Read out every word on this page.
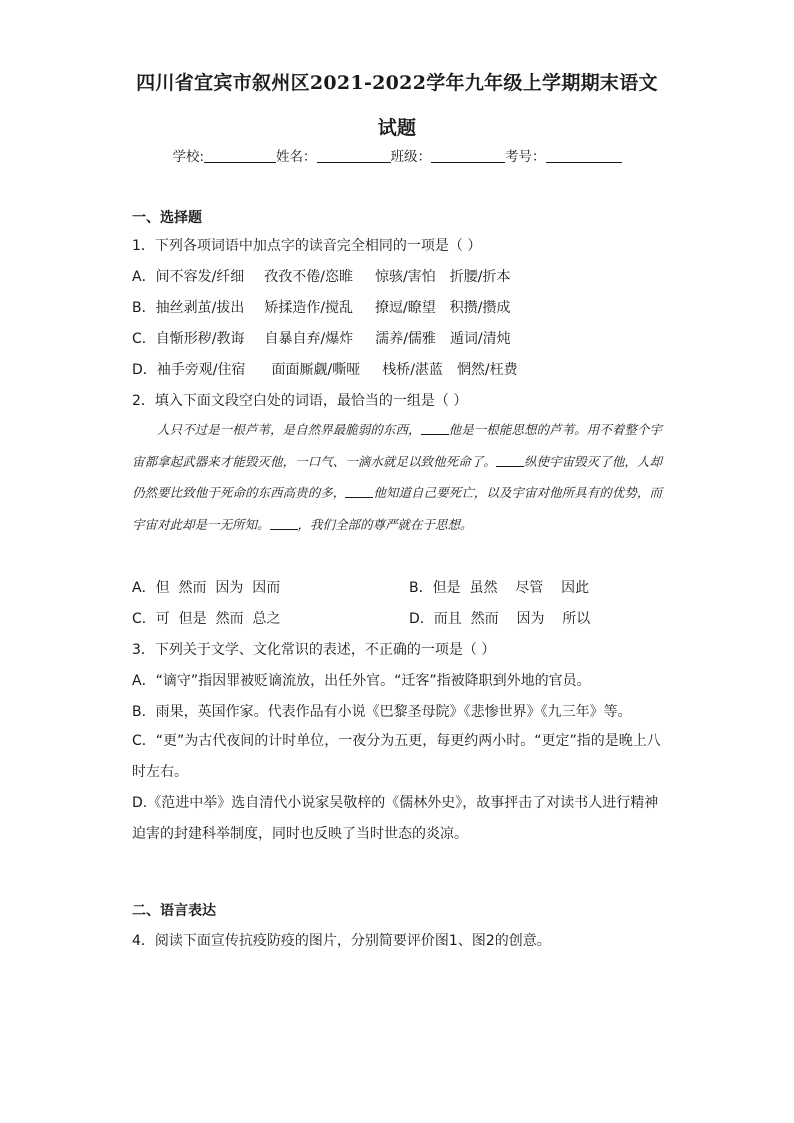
四川省宜宾市叙州区2021-2022学年九年级上学期期末语文
试题
学校:	姓名：	班级：	考号：
一、选择题
1．下列各项词语中加点字的读音完全相同的一项是（ ）
A．间不容发/纤细 孜孜不倦/恣睢 惊骇/害怕 折腰/折本
B．抽丝剥茧/拔出 矫揉造作/搅乱 撩逗/瞭望 积攒/攒成
C．自惭形秽/教诲 自暴自弃/爆炸 濡养/儒雅 遁词/清炖
D．袖手旁观/住宿 面面厮觑/嘶哑 栈桥/湛蓝 惘然/枉费
2．填入下面文段空白处的词语，最恰当的一组是（ ）
人只不过是一根芦苇，是自然界最脆弱的东西， 他是一根能思想的芦苇。用不着整个宇宙都拿起武器来才能毁灭他，一口气、一滴水就足以致他死命了。 纵使宇宙毁灭了他，人却仍然要比致他于死命的东西高贵的多， 他知道自己要死亡，以及宇宙对他所具有的优势，而宇宙对此却是一无所知。 ，我们全部的尊严就在于思想。
A．但  然而  因为  因而	B．但是  虽然    尽管    因此
C．可  但是  然而  总之	D．而且  然而    因为    所以
3．下列关于文学、文化常识的表述，不正确的一项是（ ）
A．“谪守”指因罪被贬谪流放，出任外官。“迁客”指被降职到外地的官员。
B．雨果，英国作家。代表作品有小说《巴黎圣母院》《悲惨世界》《九三年》等。
C．“更”为古代夜间的计时单位，一夜分为五更，每更约两小时。“更定”指的是晚上八时左右。
D.《范进中举》选自清代小说家吴敬梓的《儒林外史》，故事抨击了对读书人进行精神迫害的封建科举制度，同时也反映了当时世态的炎凉。
二、语言表达
4．阅读下面宣传抗疫防疫的图片，分别简要评价图1、图2的创意。
